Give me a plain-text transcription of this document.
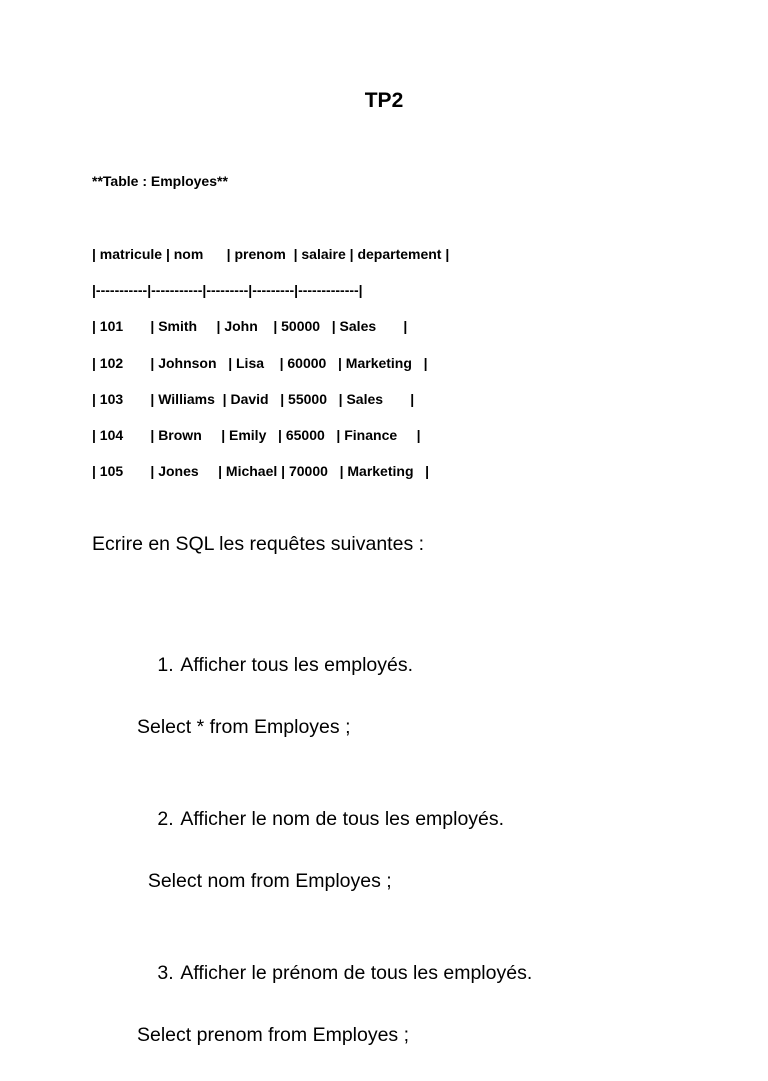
TP2
**Table : Employes**
| matricule | nom      | prenom  | salaire | departement |
|-----------|-----------|---------|---------|-------------|
| 101       | Smith     | John    | 50000   | Sales       |
| 102       | Johnson   | Lisa    | 60000   | Marketing   |
| 103       | Williams  | David   | 55000   | Sales       |
| 104       | Brown     | Emily   | 65000   | Finance     |
| 105       | Jones     | Michael | 70000   | Marketing   |
Ecrire en SQL les requêtes suivantes :

1. Afficher tous les employés.

Select * from Employes ;

2. Afficher le nom de tous les employés.

Select nom from Employes ;

3. Afficher le prénom de tous les employés.

Select prenom from Employes ;
